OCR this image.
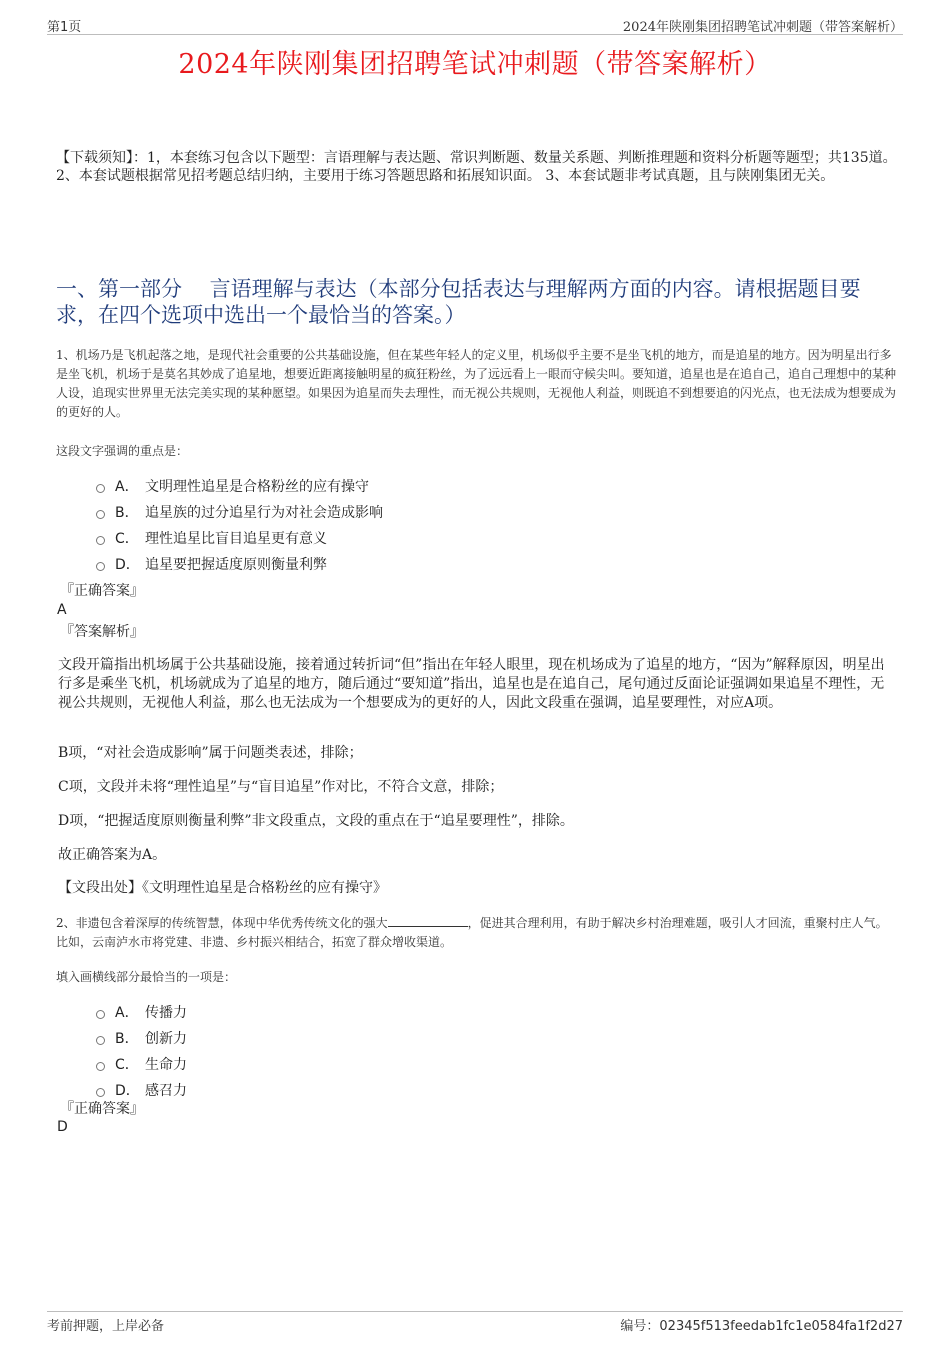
第1页	2024年陕刚集团招聘笔试冲刺题（带答案解析）
2024年陕刚集团招聘笔试冲刺题（带答案解析）
【下载须知】：1，本套练习包含以下题型：言语理解与表达题、常识判断题、数量关系题、判断推理题和资料分析题等题型；共135道。 2、本套试题根据常见招考题总结归纳，主要用于练习答题思路和拓展知识面。 3、本套试题非考试真题，且与陕刚集团无关。
一、第一部分　 言语理解与表达（本部分包括表达与理解两方面的内容。请根据题目要求，在四个选项中选出一个最恰当的答案。）
1、机场乃是飞机起落之地，是现代社会重要的公共基础设施，但在某些年轻人的定义里，机场似乎主要不是坐飞机的地方，而是追星的地方。因为明星出行多是坐飞机，机场于是莫名其妙成了追星地，想要近距离接触明星的疯狂粉丝，为了远远看上一眼而守候尖叫。要知道，追星也是在追自己，追自己理想中的某种人设，追现实世界里无法完美实现的某种愿望。如果因为追星而失去理性，而无视公共规则，无视他人利益，则既追不到想要追的闪光点，也无法成为想要成为的更好的人。
这段文字强调的重点是：
A． 文明理性追星是合格粉丝的应有操守
B． 追星族的过分追星行为对社会造成影响
C． 理性追星比盲目追星更有意义
D． 追星要把握适度原则衡量利弊
『正确答案』
A
『答案解析』
文段开篇指出机场属于公共基础设施，接着通过转折词“但”指出在年轻人眼里，现在机场成为了追星的地方，“因为”解释原因，明星出行多是乘坐飞机，机场就成为了追星的地方，随后通过“要知道”指出，追星也是在追自己，尾句通过反面论证强调如果追星不理性，无视公共规则，无视他人利益，那么也无法成为一个想要成为的更好的人，因此文段重在强调，追星要理性，对应A项。
B项，“对社会造成影响”属于问题类表述，排除；
C项，文段并未将“理性追星”与“盲目追星”作对比，不符合文意，排除；
D项，“把握适度原则衡量利弊”非文段重点，文段的重点在于“追星要理性”，排除。
故正确答案为A。
【文段出处】《文明理性追星是合格粉丝的应有操守》
2、非遗包含着深厚的传统智慧，体现中华优秀传统文化的强大	，促进其合理利用，有助于解决乡村治理难题，吸引人才回流，重聚村庄人气。比如，云南泸水市将党建、非遗、乡村振兴相结合，拓宽了群众增收渠道。
填入画横线部分最恰当的一项是：
A． 传播力
B． 创新力
C． 生命力
D． 感召力
『正确答案』
D
考前押题，上岸必备	编号：02345f513feedab1fc1e0584fa1f2d27
